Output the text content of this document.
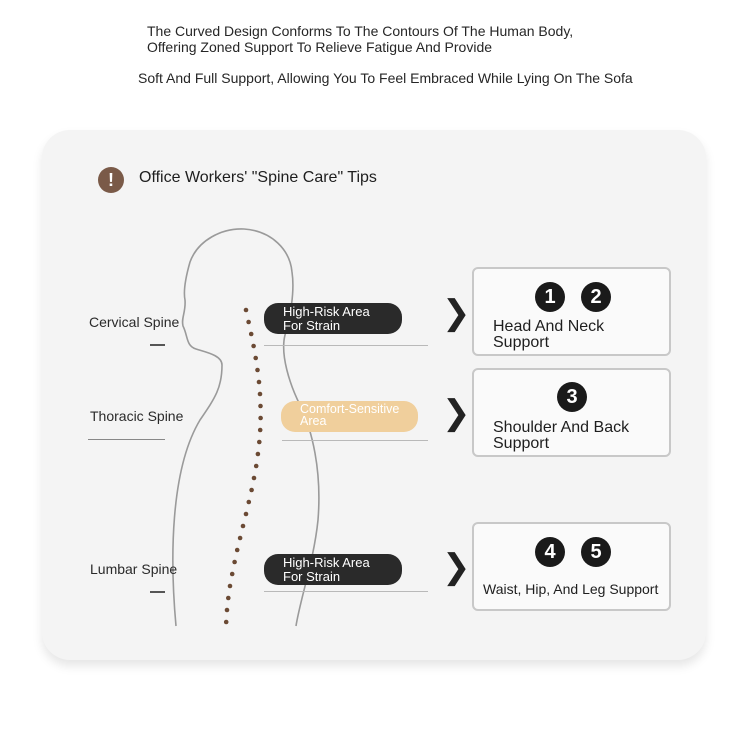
The Curved Design Conforms To The Contours Of The Human Body,
Offering Zoned Support To Relieve Fatigue And Provide
Soft And Full Support, Allowing You To Feel Embraced While Lying On The Sofa
!	Office Workers' "Spine Care" Tips
Cervical Spine
High-Risk Area
For Strain	❯	1	2
Head And Neck
Support
Thoracic Spine	Comfort-Sensitive
Area	❯	3
Shoulder And Back
Support
Lumbar Spine	High-Risk Area
For Strain	❯	4	5
Waist, Hip, And Leg Support
